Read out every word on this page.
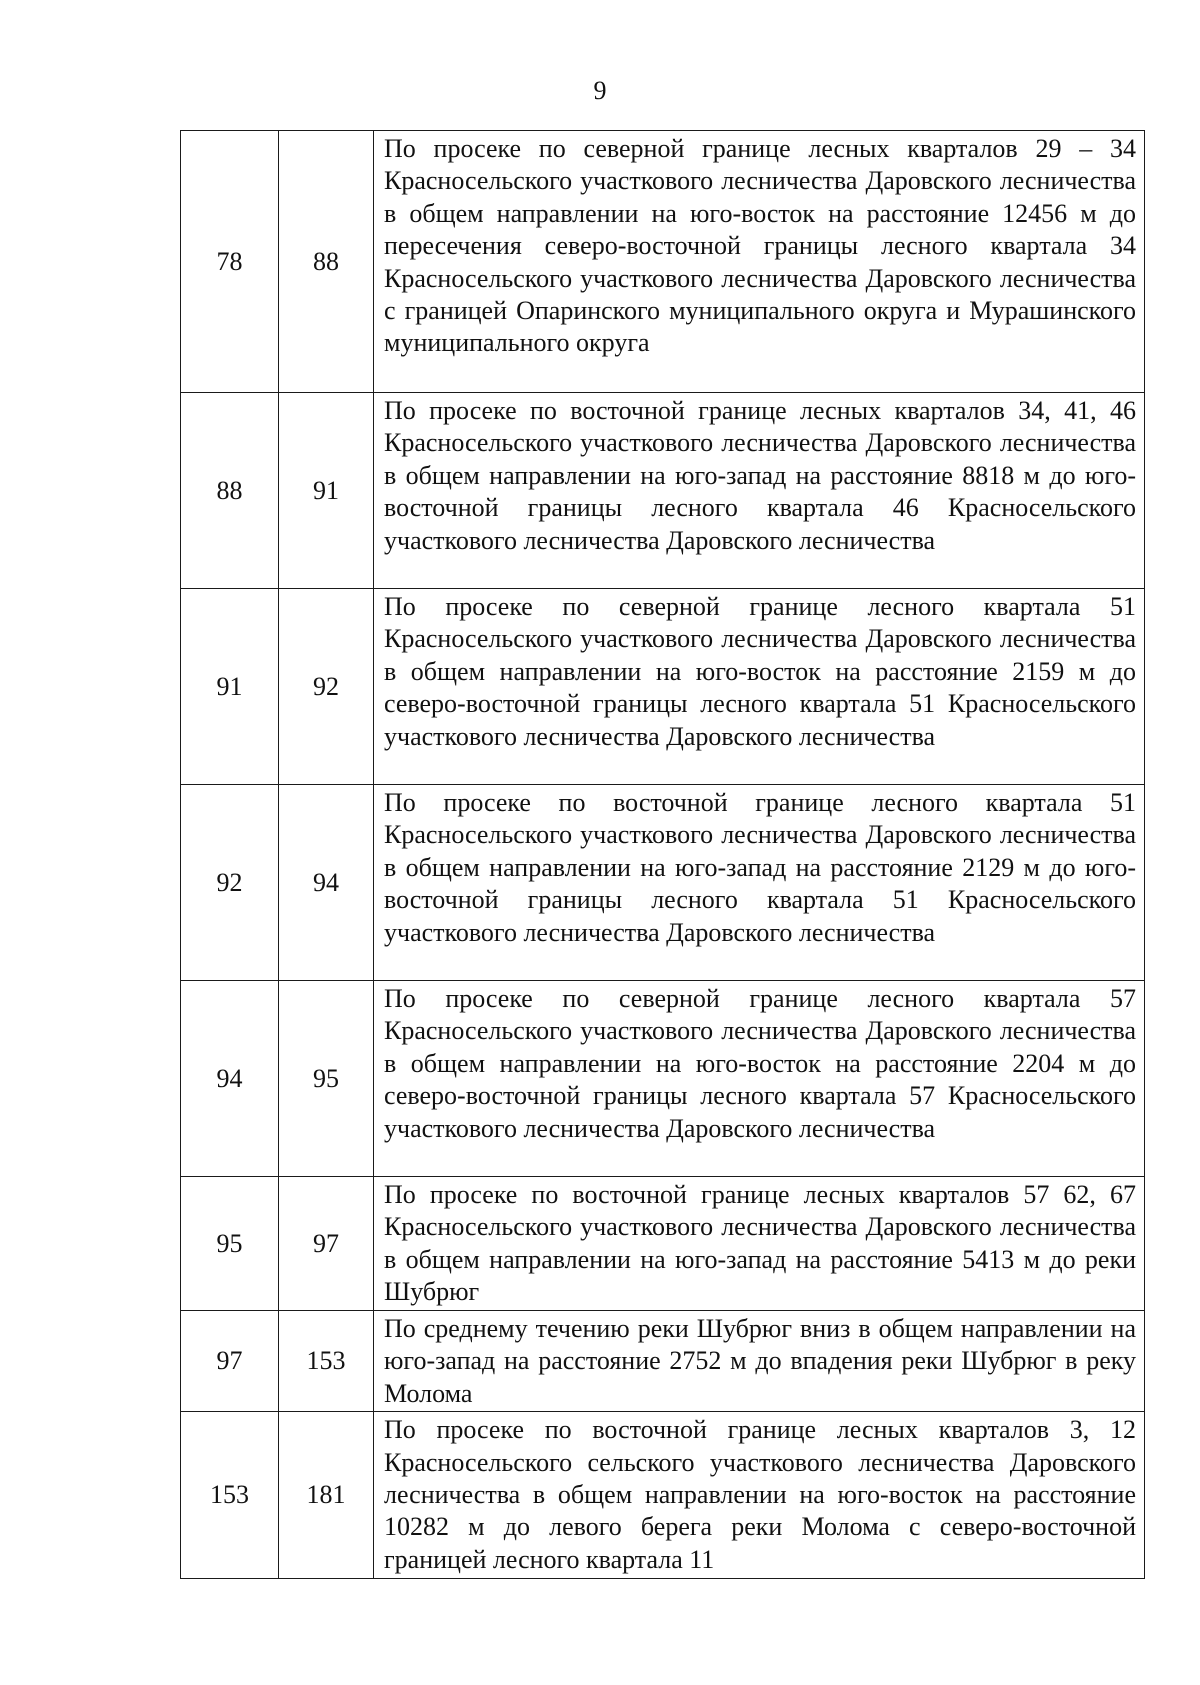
9
78	88	По просеке по северной границе лесных кварталов 29 – 34 Красносельского участкового лесничества Даровского лесничества в общем направлении на юго-восток на расстояние 12456 м до пересечения северо-восточной границы лесного квартала 34 Красносельского участкового лесничества Даровского лесничества с границей Опаринского муниципального округа и Мурашинского муниципального округа
88	91	По просеке по восточной границе лесных кварталов 34, 41, 46 Красносельского участкового лесничества Даровского лесничества в общем направлении на юго-запад на расстояние 8818 м до юго-восточной границы лесного квартала 46 Красносельского участкового лесничества Даровского лесничества
91	92	По просеке по северной границе лесного квартала 51 Красносельского участкового лесничества Даровского лесничества в общем направлении на юго-восток на расстояние 2159 м до северо-восточной границы лесного квартала 51 Красносельского участкового лесничества Даровского лесничества
92	94	По просеке по восточной границе лесного квартала 51 Красносельского участкового лесничества Даровского лесничества в общем направлении на юго-запад на расстояние 2129 м до юго-восточной границы лесного квартала 51 Красносельского участкового лесничества Даровского лесничества
94	95	По просеке по северной границе лесного квартала 57 Красносельского участкового лесничества Даровского лесничества в общем направлении на юго-восток на расстояние 2204 м до северо-восточной границы лесного квартала 57 Красносельского участкового лесничества Даровского лесничества
95	97	По просеке по восточной границе лесных кварталов 57 62, 67 Красносельского участкового лесничества Даровского лесничества в общем направлении на юго-запад на расстояние 5413 м до реки Шубрюг
97	153	По среднему течению реки Шубрюг вниз в общем направлении на юго-запад на расстояние 2752 м до впадения реки Шубрюг в реку Молома
153	181	По просеке по восточной границе лесных кварталов 3, 12 Красносельского сельского участкового лесничества Даровского лесничества в общем направлении на юго-восток на расстояние 10282 м до левого берега реки Молома с северо-восточной границей лесного квартала 11
